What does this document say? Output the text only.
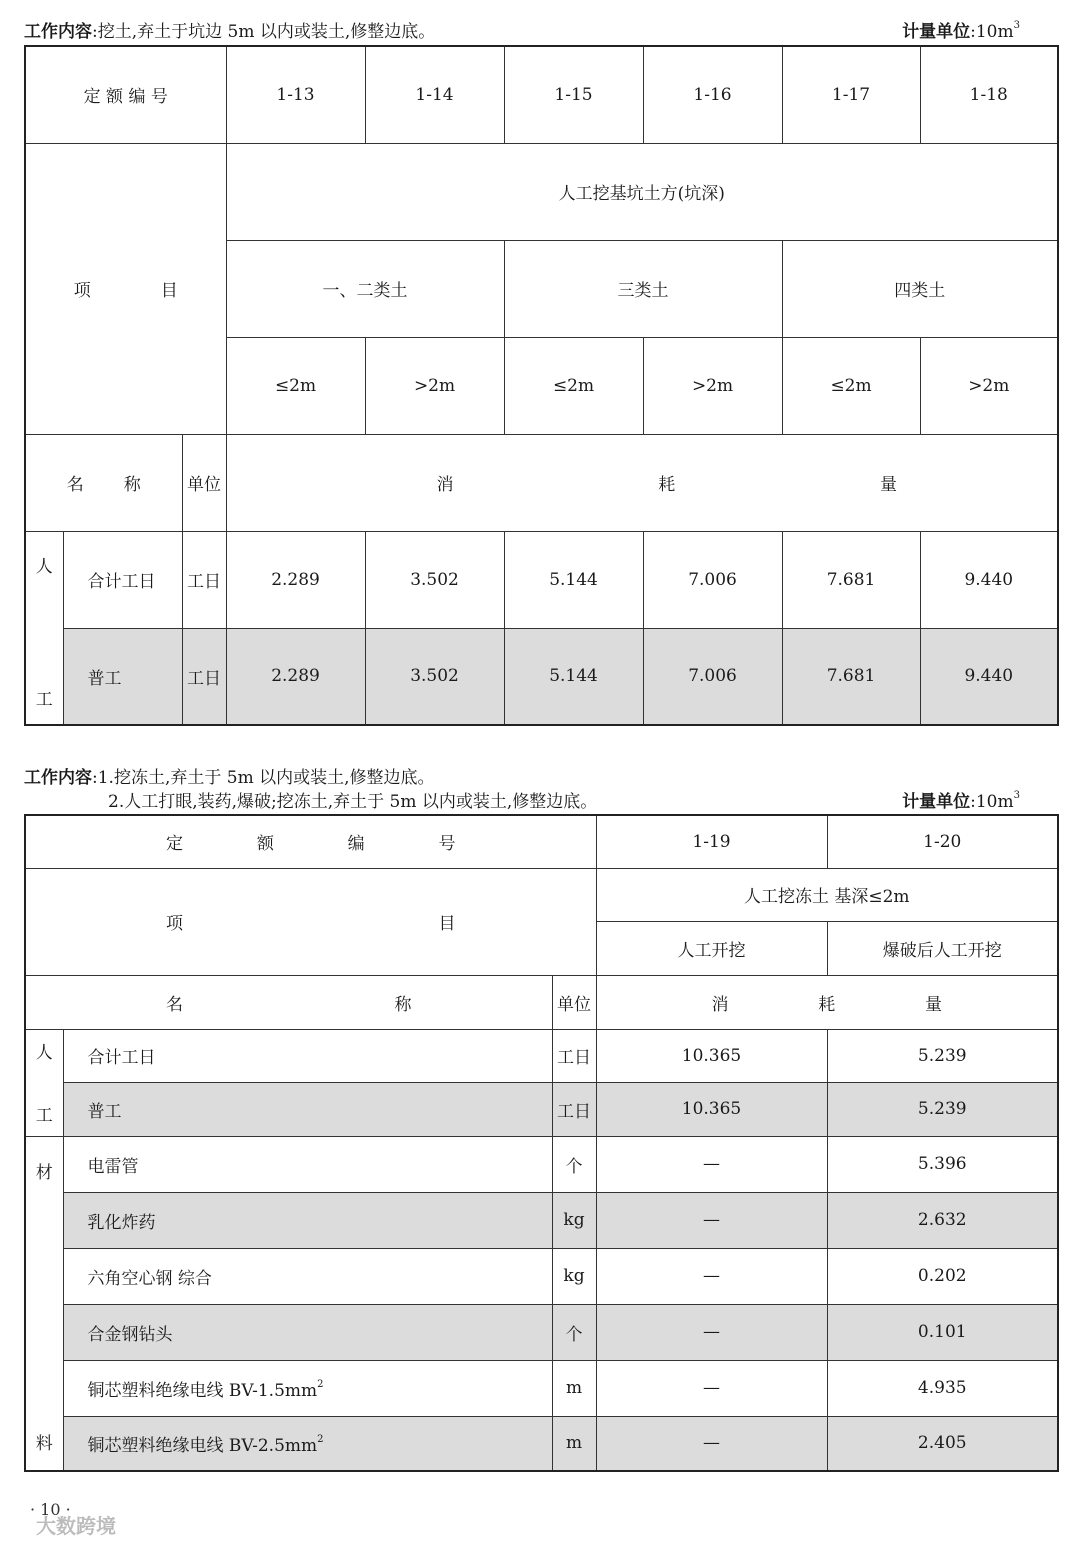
工作内容:挖土,弃土于坑边 5m 以内或装土,修整边底。	计量单位$:10m^3$
定 额 编 号			1-13	1-14	1-15	1-16	1-17	1-18
项 目			人工挖基坑土方(坑深)					
			一、二类土		三类土		四类土	
			≤2m	>2m	≤2m	>2m	≤2m	>2m
名 称		单位	消 耗 量					

人
工	合计工日	工日	2.289	3.502	5.144	7.006	7.681	9.440
	普工	工日	2.289	3.502	5.144	7.006	7.681	9.440
工作内容:1.挖冻土,弃土于 5m 以内或装土,修整边底。
2.人工打眼,装药,爆破;挖冻土,弃土于 5m 以内或装土,修整边底。	计量单位$:10m^3$
定 额 编 号			1-19	1-20

项 目			人工挖冻土 基深≤2m	
			人工开挖	爆破后人工开挖

名 称		单位	消 耗 量	

人
工	合计工日	工日	10.365	5.239
	普工	工日	10.365	5.239

材
料	电雷管	个	—	5.396
	乳化炸药	kg	—	2.632
	六角空心钢 综合	kg	—	0.202
	合金钢钻头	个	—	0.101
	铜芯塑料绝缘电线 $BV-1.5mm^2$	m	—	4.935
	铜芯塑料绝缘电线 $BV-2.5mm^2$	m	—	2.405
· 10 ·
大数跨境
